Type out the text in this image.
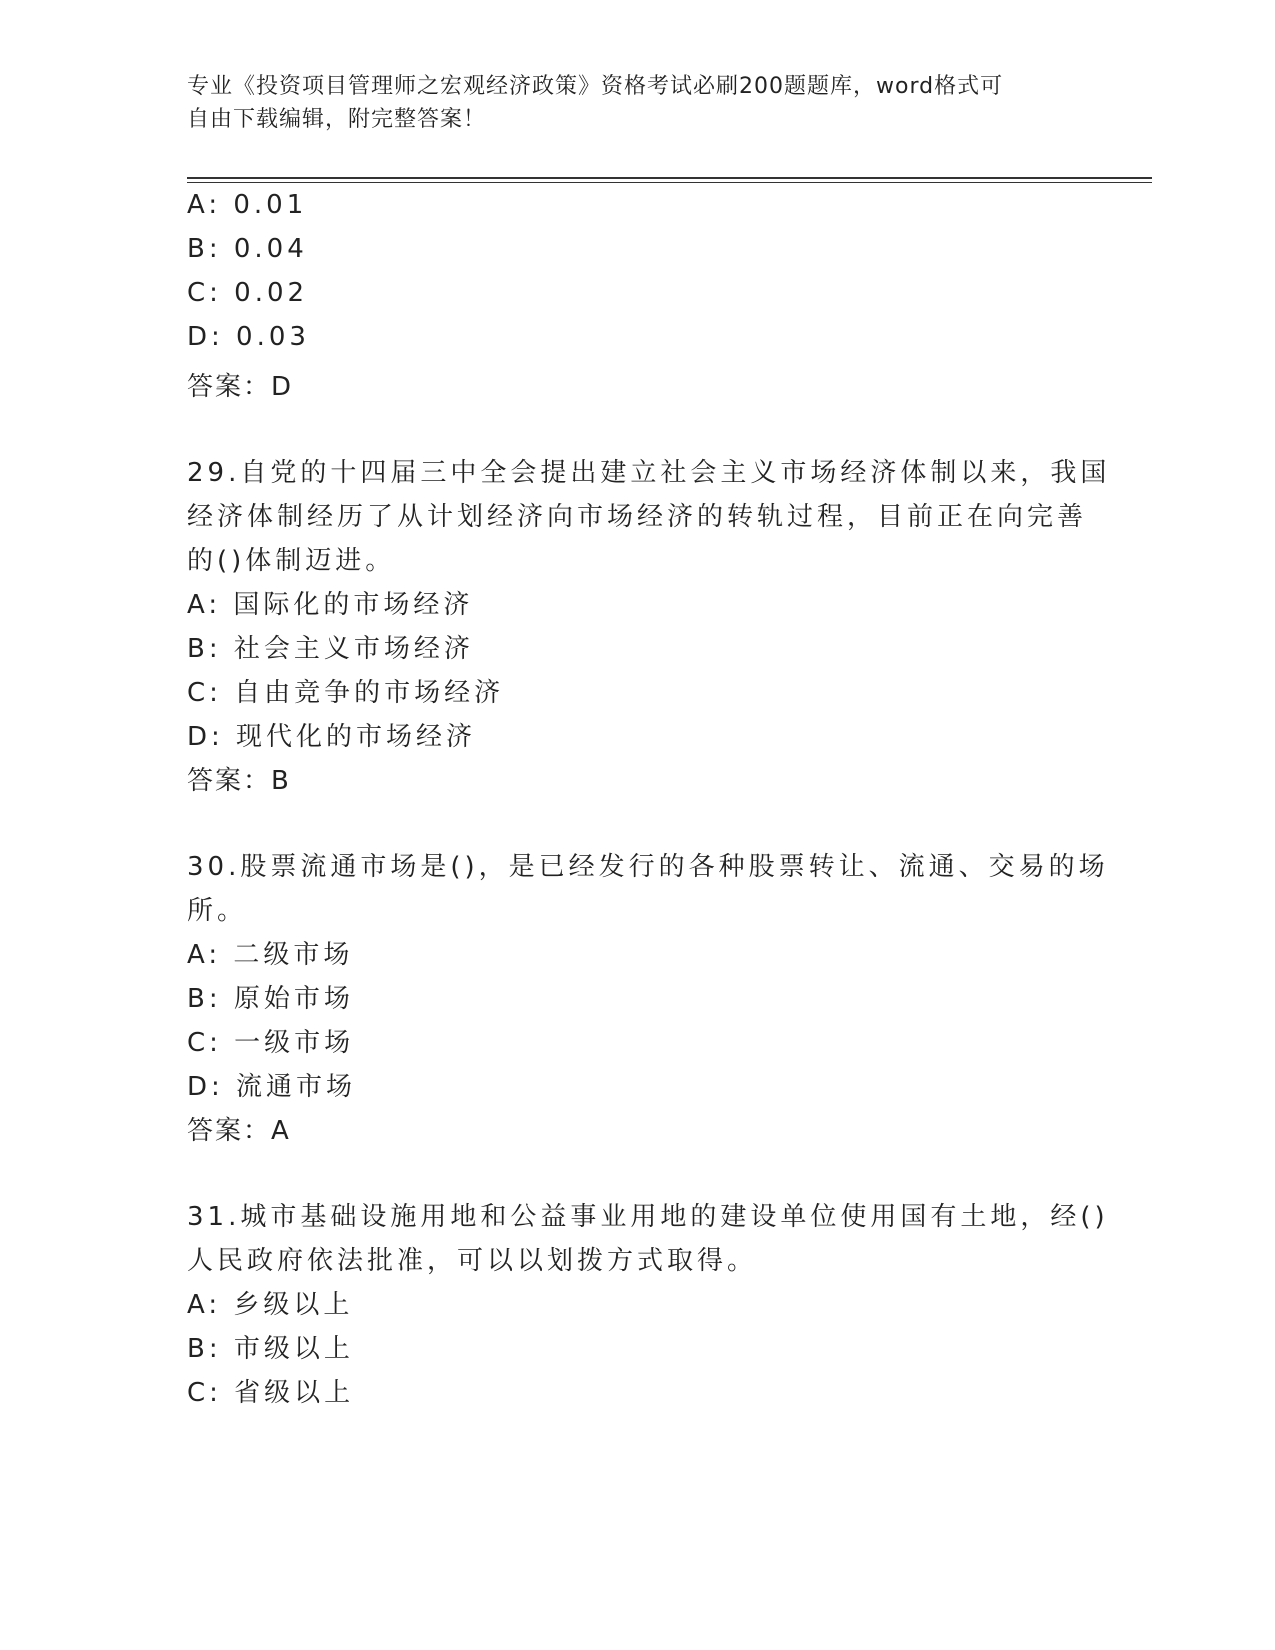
专业《投资项目管理师之宏观经济政策》资格考试必刷200题题库，word格式可
自由下载编辑，附完整答案！
A: 0.01
B: 0.04
C: 0.02
D: 0.03
答案：D
29.自党的十四届三中全会提出建立社会主义市场经济体制以来，我国
经济体制经历了从计划经济向市场经济的转轨过程，目前正在向完善
的()体制迈进。
A: 国际化的市场经济
B: 社会主义市场经济
C: 自由竞争的市场经济
D: 现代化的市场经济
答案：B
30.股票流通市场是()，是已经发行的各种股票转让、流通、交易的场
所。
A: 二级市场
B: 原始市场
C: 一级市场
D: 流通市场
答案：A
31.城市基础设施用地和公益事业用地的建设单位使用国有土地，经()
人民政府依法批准，可以以划拨方式取得。
A: 乡级以上
B: 市级以上
C: 省级以上
